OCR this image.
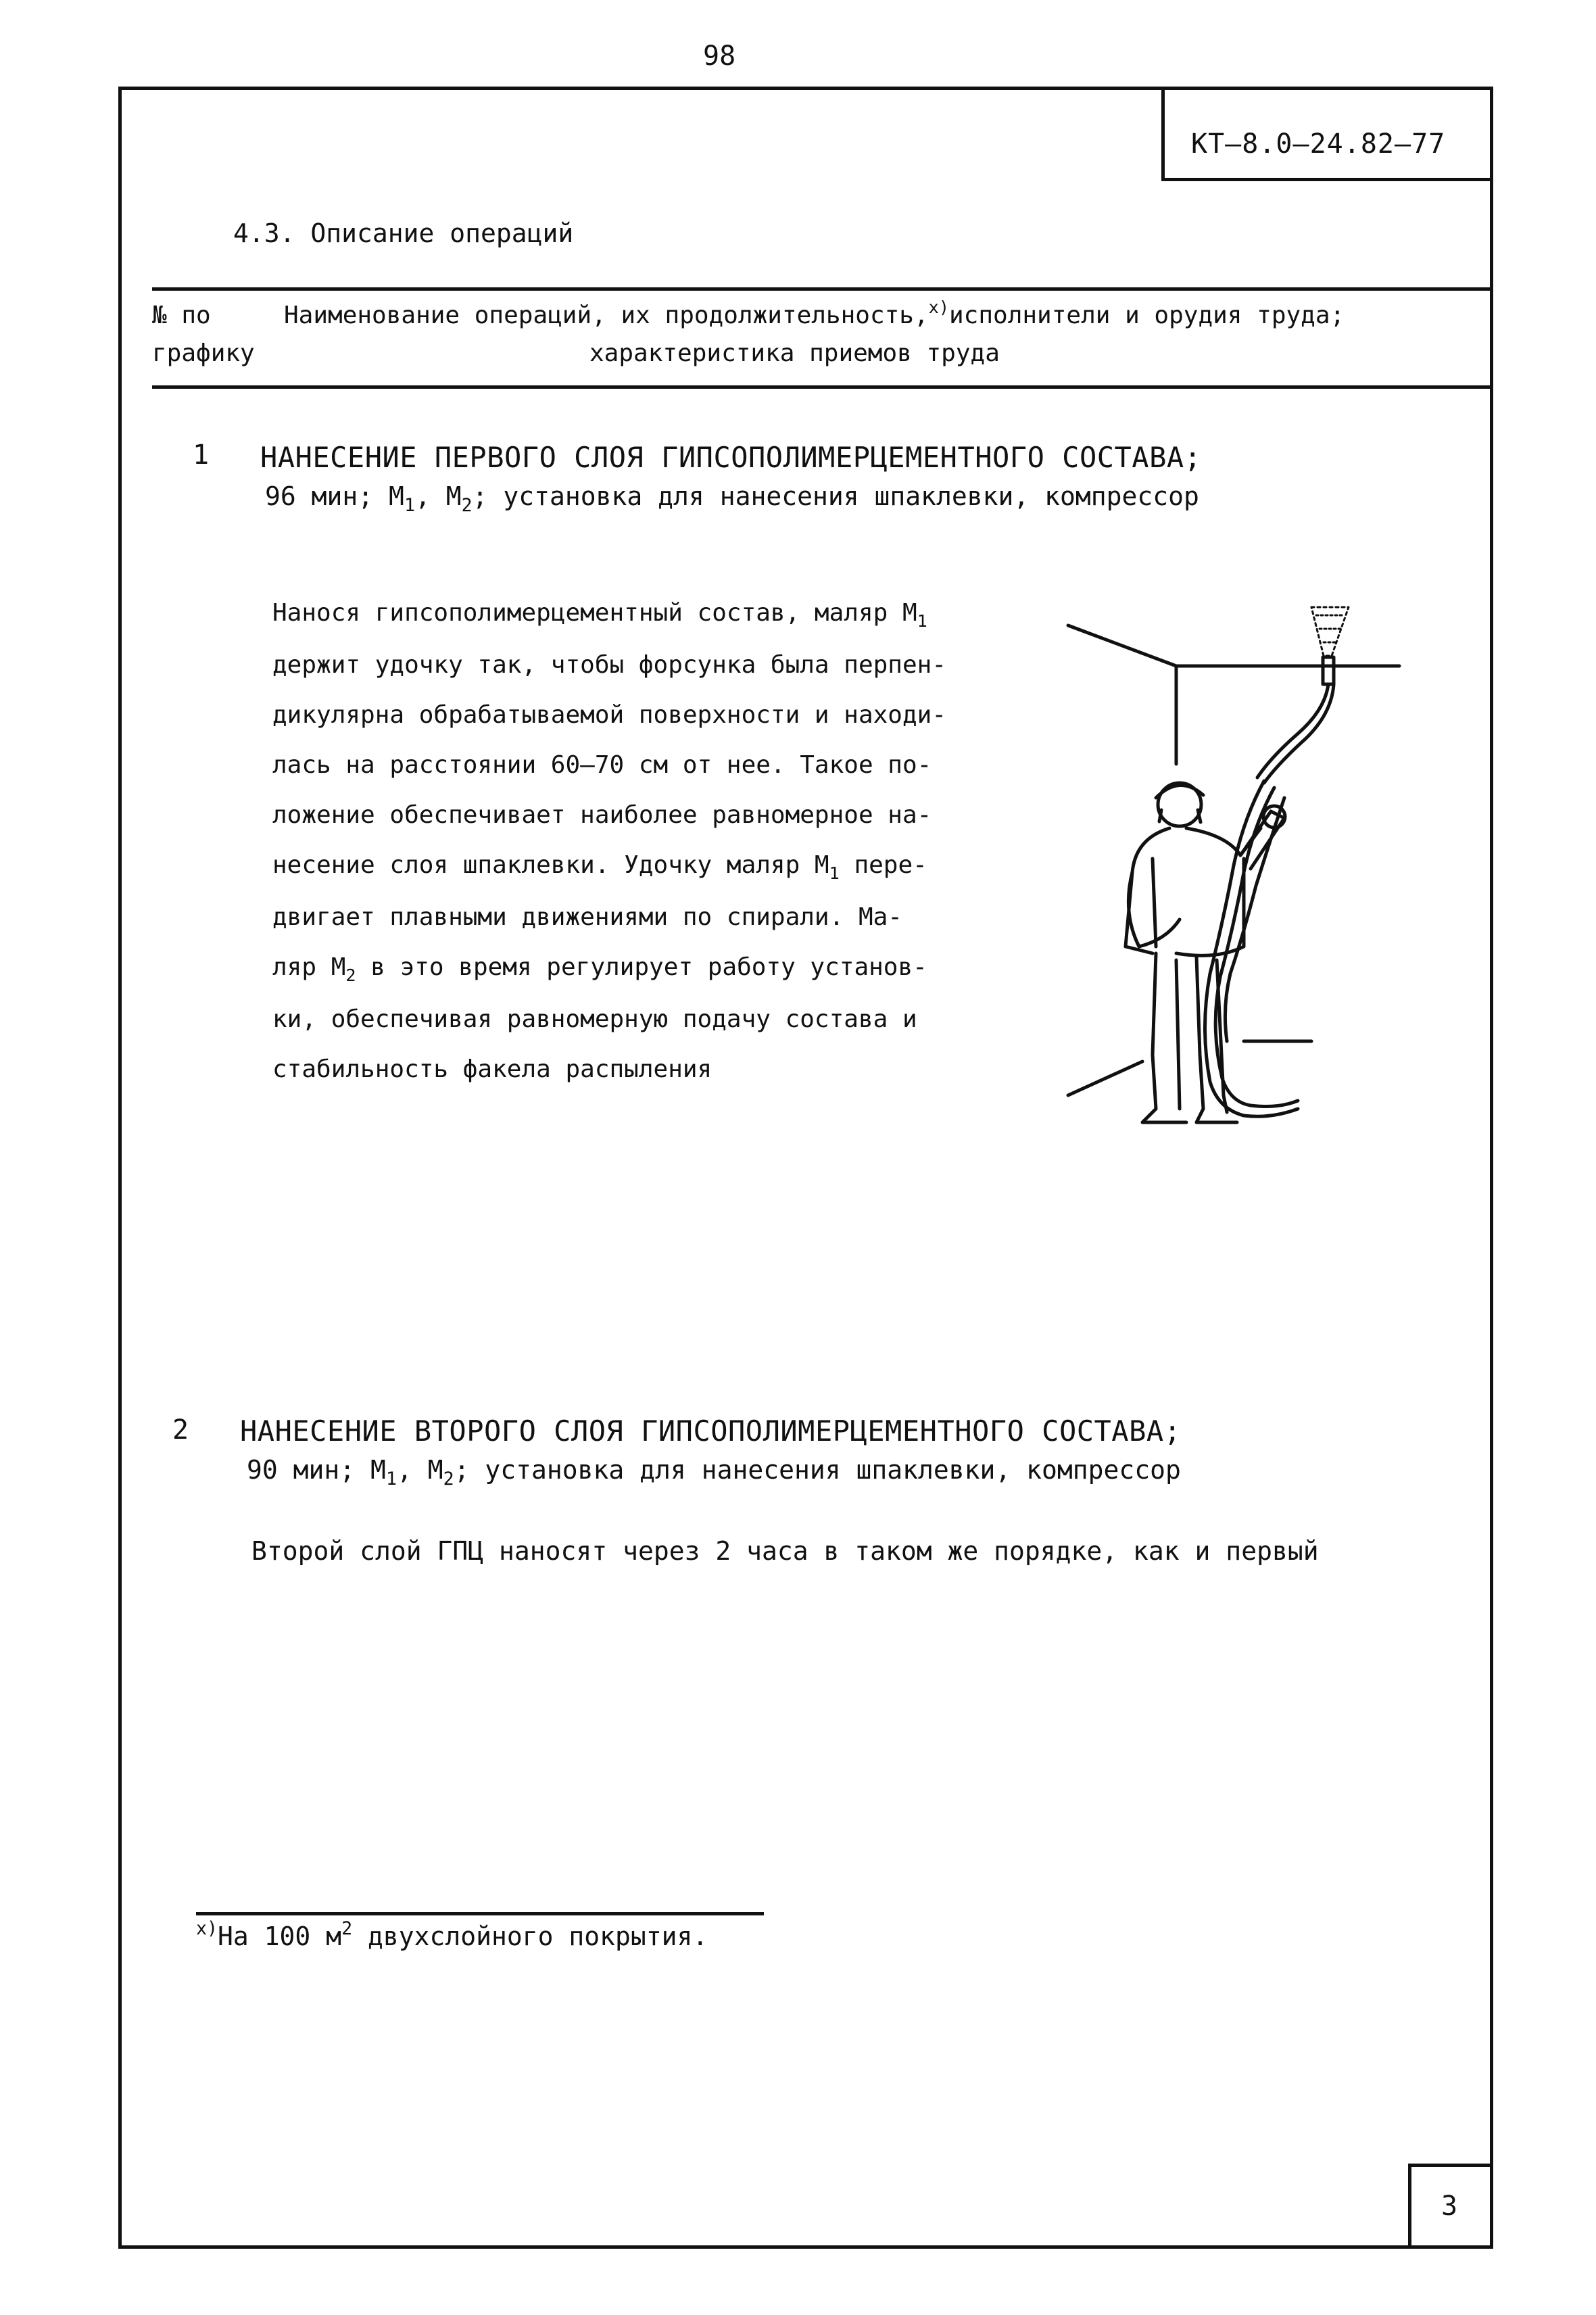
98
КТ–8.0–24.82–77
4.3. Описание операций
№ по	Наименование операций, их продолжительность,$^{x)}$исполнители и орудия труда;
графику	характеристика приемов труда
1 НАНЕСЕНИЕ ПЕРВОГО СЛОЯ ГИПСОПОЛИМЕРЦЕМЕНТНОГО СОСТАВА;
96 мин; $М_1$, $М_2$; установка для нанесения шпаклевки, компрессор

Нанося гипсополимерцементный состав, маляр $М_1$

держит удочку так, чтобы форсунка была перпен-

дикулярна обрабатываемой поверхности и находи-

лась на расстоянии 60–70 см от нее. Такое по-

ложение обеспечивает наиболее равномерное на-

несение слоя шпаклевки. Удочку маляр $М_1$ пере-

двигает плавными движениями по спирали. Ма-

ляр $М_2$ в это время регулирует работу установ-

ки, обеспечивая равномерную подачу состава и

стабильность факела распыления

2 НАНЕСЕНИЕ ВТОРОГО СЛОЯ ГИПСОПОЛИМЕРЦЕМЕНТНОГО СОСТАВА;
90 мин; $М_1$, $М_2$; установка для нанесения шпаклевки, компрессор
Второй слой ГПЦ наносят через 2 часа в таком же порядке, как и первый
$^{x)}$На 100 $м^2$ двухслойного покрытия.
3
